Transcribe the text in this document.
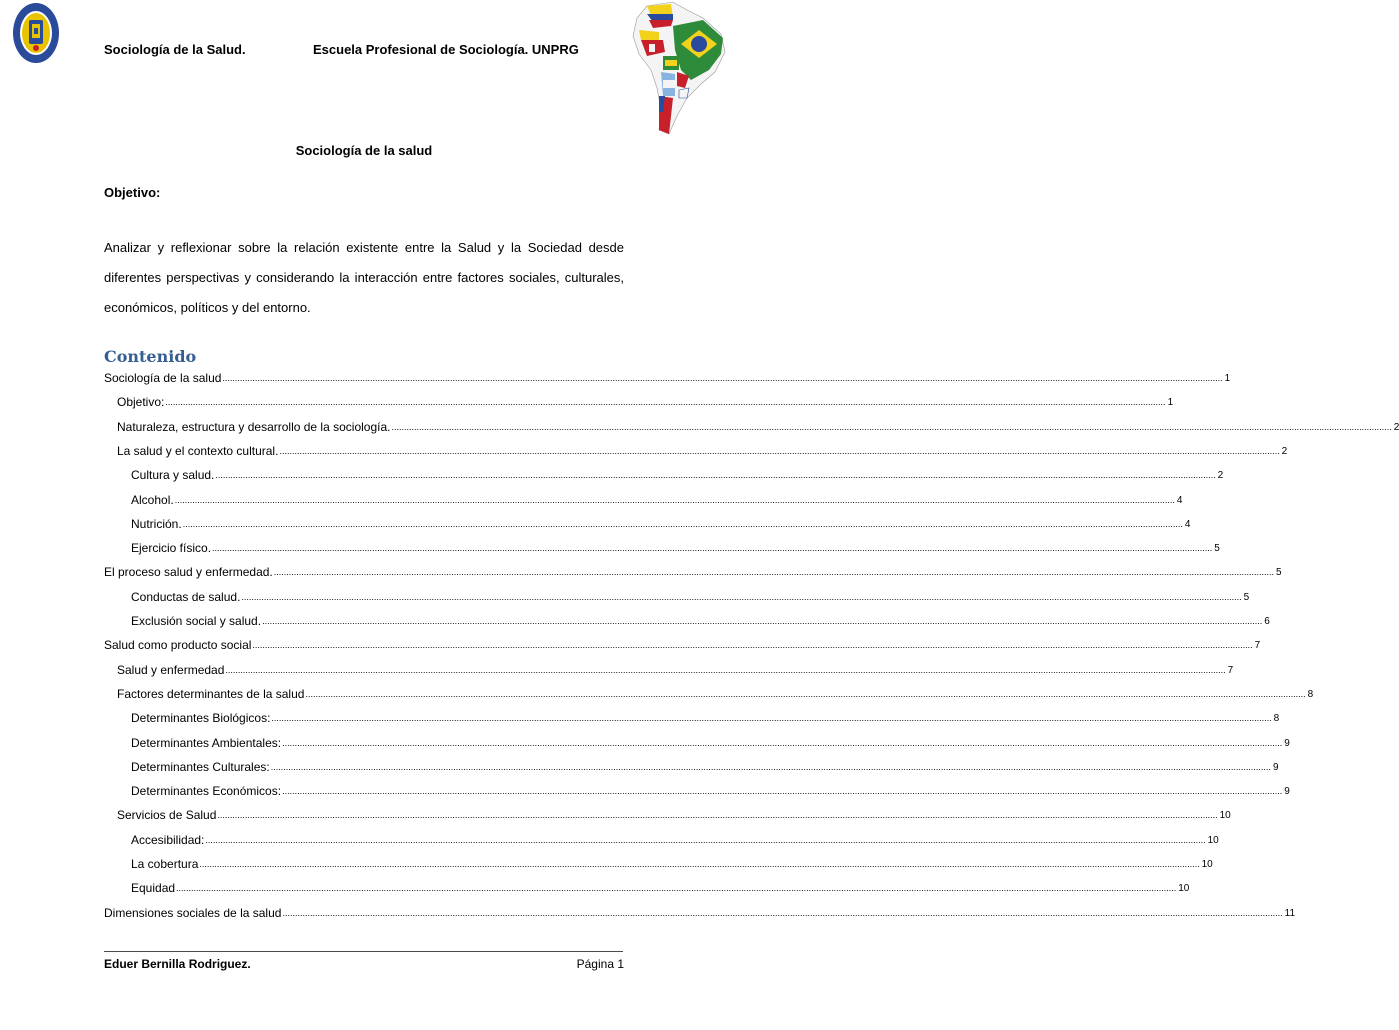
Sociología de la Salud.	Escuela Profesional de Sociología. UNPRG
Sociología de la salud
Objetivo:
Analizar y reflexionar sobre la relación existente entre la Salud y la Sociedad desde diferentes perspectivas y considerando la interacción entre factores sociales, culturales, económicos, políticos y del entorno.
Contenido
Sociología de la salud ................................................................................................................................................................................................................................................................................................................................................................................................................ 1
Objetivo: ................................................................................................................................................................................................................................................................................................................................................................................................................ 1
Naturaleza, estructura y desarrollo de la sociología. ................................................................................................................................................................................................................................................................................................................................................................................................................ 2
La salud y el contexto cultural. ................................................................................................................................................................................................................................................................................................................................................................................................................ 2
Cultura y salud. ................................................................................................................................................................................................................................................................................................................................................................................................................ 2
Alcohol. ................................................................................................................................................................................................................................................................................................................................................................................................................ 4
Nutrición. ................................................................................................................................................................................................................................................................................................................................................................................................................ 4
Ejercicio físico. ................................................................................................................................................................................................................................................................................................................................................................................................................ 5
El proceso salud y enfermedad. ................................................................................................................................................................................................................................................................................................................................................................................................................ 5
Conductas de salud. ................................................................................................................................................................................................................................................................................................................................................................................................................ 5
Exclusión social y salud. ................................................................................................................................................................................................................................................................................................................................................................................................................ 6
Salud como producto social ................................................................................................................................................................................................................................................................................................................................................................................................................ 7
Salud y enfermedad ................................................................................................................................................................................................................................................................................................................................................................................................................ 7
Factores determinantes de la salud ................................................................................................................................................................................................................................................................................................................................................................................................................ 8
Determinantes Biológicos: ................................................................................................................................................................................................................................................................................................................................................................................................................ 8
Determinantes Ambientales: ................................................................................................................................................................................................................................................................................................................................................................................................................ 9
Determinantes Culturales: ................................................................................................................................................................................................................................................................................................................................................................................................................ 9
Determinantes Económicos: ................................................................................................................................................................................................................................................................................................................................................................................................................ 9
Servicios de Salud ................................................................................................................................................................................................................................................................................................................................................................................................................ 10
Accesibilidad: ................................................................................................................................................................................................................................................................................................................................................................................................................ 10
La cobertura ................................................................................................................................................................................................................................................................................................................................................................................................................ 10
Equidad ................................................................................................................................................................................................................................................................................................................................................................................................................ 10
Dimensiones sociales de la salud ................................................................................................................................................................................................................................................................................................................................................................................................................ 11
Eduer Bernilla Rodriguez.	Página 1
